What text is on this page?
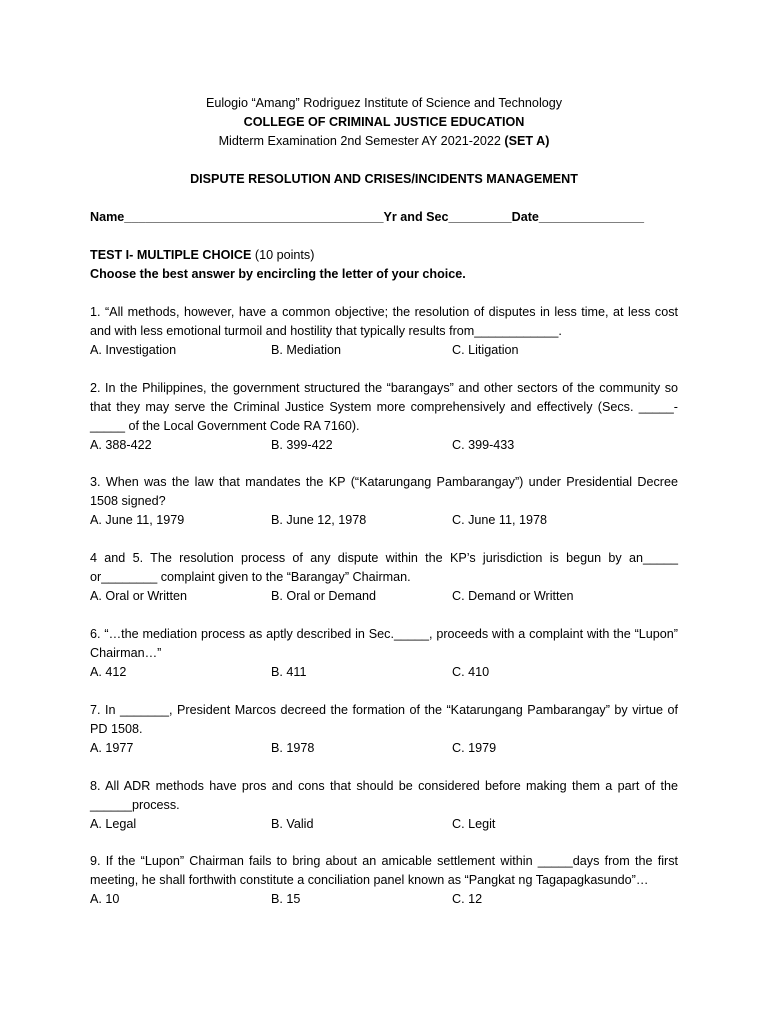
Eulogio “Amang” Rodriguez Institute of Science and Technology
COLLEGE OF CRIMINAL JUSTICE EDUCATION
Midterm Examination 2nd Semester AY 2021-2022 (SET A)
DISPUTE RESOLUTION AND CRISES/INCIDENTS MANAGEMENT
Name_____________________________________Yr and Sec_________Date_______________
TEST I- MULTIPLE CHOICE (10 points)
Choose the best answer by encircling the letter of your choice.
1. “All methods, however, have a common objective; the resolution of disputes in less time, at less cost and with less emotional turmoil and hostility that typically results from____________.
A. Investigation	B. Mediation	C. Litigation
2. In the Philippines, the government structured the “barangays” and other sectors of the community so that they may serve the Criminal Justice System more comprehensively and effectively (Secs. _____-_____ of the Local Government Code RA 7160).
A. 388-422	B. 399-422	C. 399-433
3. When was the law that mandates the KP (“Katarungang Pambarangay”) under Presidential Decree 1508 signed?
A. June 11, 1979	B. June 12, 1978	C. June 11, 1978
4 and 5. The resolution process of any dispute within the KP’s jurisdiction is begun by an_____ or________ complaint given to the “Barangay” Chairman.
A. Oral or Written	B. Oral or Demand	C. Demand or Written
6. “…the mediation process as aptly described in Sec._____, proceeds with a complaint with the “Lupon” Chairman…”
A. 412	B. 411	C. 410
7. In _______, President Marcos decreed the formation of the “Katarungang Pambarangay” by virtue of PD 1508.
A. 1977	B. 1978	C. 1979
8. All ADR methods have pros and cons that should be considered before making them a part of the ______process.
A. Legal	B. Valid	C. Legit
9. If the “Lupon” Chairman fails to bring about an amicable settlement within _____days from the first meeting, he shall forthwith constitute a conciliation panel known as “Pangkat ng Tagapagkasundo”…
A. 10	B. 15	C. 12
